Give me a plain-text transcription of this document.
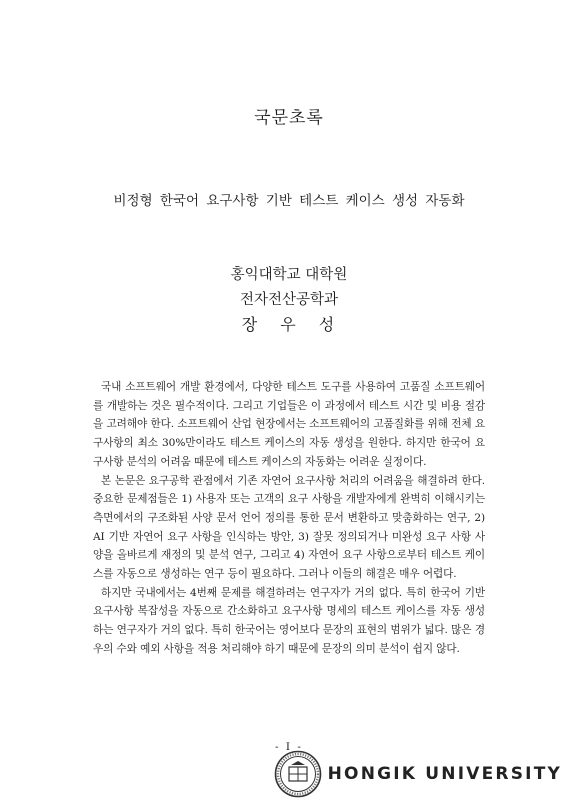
국문초록
비정형 한국어 요구사항 기반 테스트 케이스 생성 자동화
홍익대학교 대학원
전자전산공학과
장 우 성

국내 소프트웨어 개발 환경에서, 다양한 테스트 도구를 사용하여 고품질 소프트웨어를 개발하는 것은 필수적이다. 그리고 기업들은 이 과정에서 테스트 시간 및 비용 절감을 고려해야 한다. 소프트웨어 산업 현장에서는 소프트웨어의 고품질화를 위해 전체 요구사항의 최소 30%만이라도 테스트 케이스의 자동 생성을 원한다. 하지만 한국어 요구사항 분석의 어려움 때문에 테스트 케이스의 자동화는 어려운 실정이다.

본 논문은 요구공학 관점에서 기존 자연어 요구사항 처리의 어려움을 해결하려 한다. 중요한 문제점들은 1) 사용자 또는 고객의 요구 사항을 개발자에게 완벽히 이해시키는 측면에서의 구조화된 사양 문서 언어 정의를 통한 문서 변환하고 맞춤화하는 연구, 2) AI 기반 자연어 요구 사항을 인식하는 방안, 3) 잘못 정의되거나 미완성 요구 사항 사양을 올바르게 재정의 및 분석 연구, 그리고 4) 자연어 요구 사항으로부터 테스트 케이스를 자동으로 생성하는 연구 등이 필요하다. 그러나 이들의 해결은 매우 어렵다.

하지만 국내에서는 4번째 문제를 해결하려는 연구자가 거의 없다. 특히 한국어 기반 요구사항 복잡성을 자동으로 간소화하고 요구사항 명세의 테스트 케이스를 자동 생성하는 연구자가 거의 없다. 특히 한국어는 영어보다 문장의 표현의 범위가 넓다. 많은 경우의 수와 예외 사항을 적용 처리해야 하기 때문에 문장의 의미 분석이 쉽지 않다.

- I -
HONGIK UNIVERSITY
